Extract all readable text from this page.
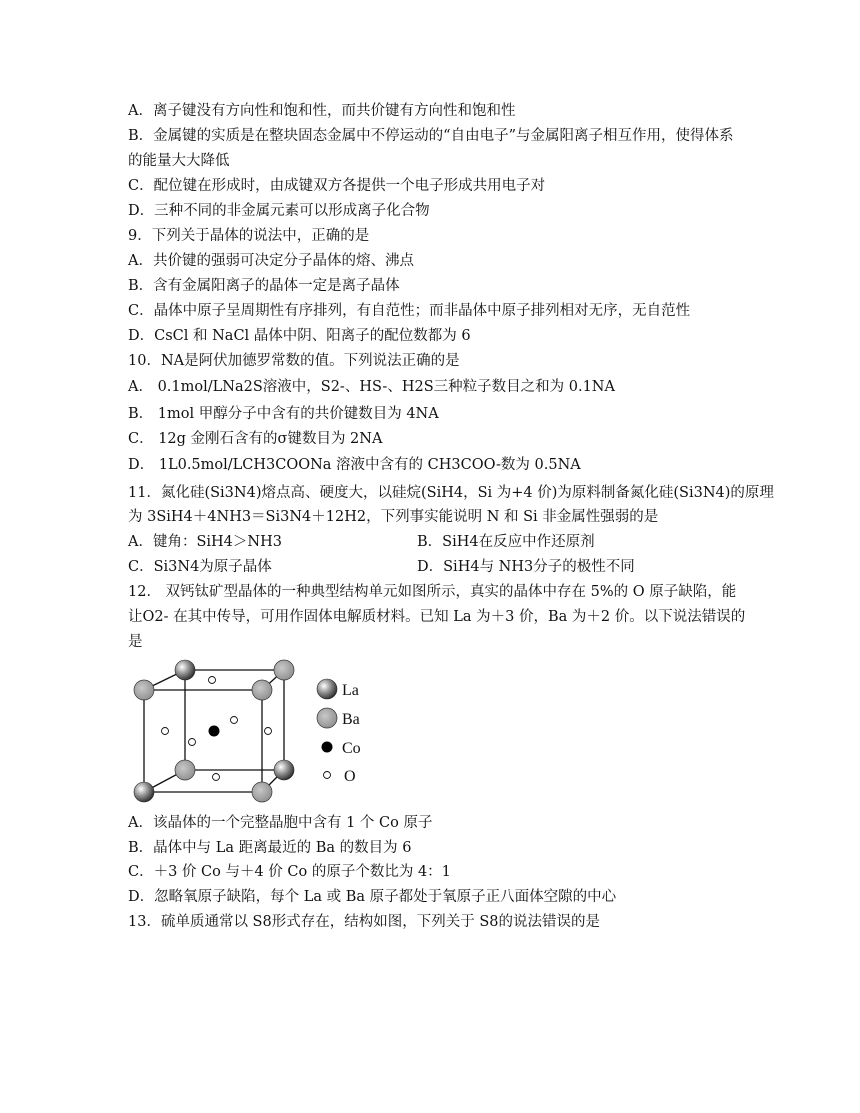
A．离子键没有方向性和饱和性，而共价键有方向性和饱和性
B．金属键的实质是在整块固态金属中不停运动的“自由电子”与金属阳离子相互作用，使得体系
的能量大大降低
C．配位键在形成时，由成键双方各提供一个电子形成共用电子对
D．三种不同的非金属元素可以形成离子化合物
9．下列关于晶体的说法中，正确的是
A．共价键的强弱可决定分子晶体的熔、沸点
B．含有金属阳离子的晶体一定是离子晶体
C．晶体中原子呈周期性有序排列，有自范性；而非晶体中原子排列相对无序，无自范性
D．CsCl 和 NaCl 晶体中阴、阳离子的配位数都为 6
10．NA是阿伏加德罗常数的值。下列说法正确的是
A． 0.1mol/LNa2S溶液中，S2-、HS-、H2S三种粒子数目之和为 0.1NA
B． 1mol 甲醇分子中含有的共价键数目为 4NA
C． 12g 金刚石含有的σ键数目为 2NA
D． 1L0.5mol/LCH3COONa 溶液中含有的 CH3COO-数为 0.5NA
11．氮化硅(Si3N4)熔点高、硬度大，以硅烷(SiH4，Si 为+4 价)为原料制备氮化硅(Si3N4)的原理
为 3SiH4＋4NH3＝Si3N4＋12H2，下列事实能说明 N 和 Si 非金属性强弱的是
A．键角：SiH4＞NH3	B．SiH4在反应中作还原剂
C．Si3N4为原子晶体	D．SiH4与 NH3分子的极性不同
12． 双钙钛矿型晶体的一种典型结构单元如图所示，真实的晶体中存在 5%的 O 原子缺陷，能
让O2- 在其中传导，可用作固体电解质材料。已知 La 为＋3 价，Ba 为＋2 价。以下说法错误的
是
La
Ba
Co
O
A．该晶体的一个完整晶胞中含有 1 个 Co 原子
B．晶体中与 La 距离最近的 Ba 的数目为 6
C．＋3 价 Co 与＋4 价 Co 的原子个数比为 4：1
D．忽略氧原子缺陷，每个 La 或 Ba 原子都处于氧原子正八面体空隙的中心
13．硫单质通常以 S8形式存在，结构如图，下列关于 S8的说法错误的是
